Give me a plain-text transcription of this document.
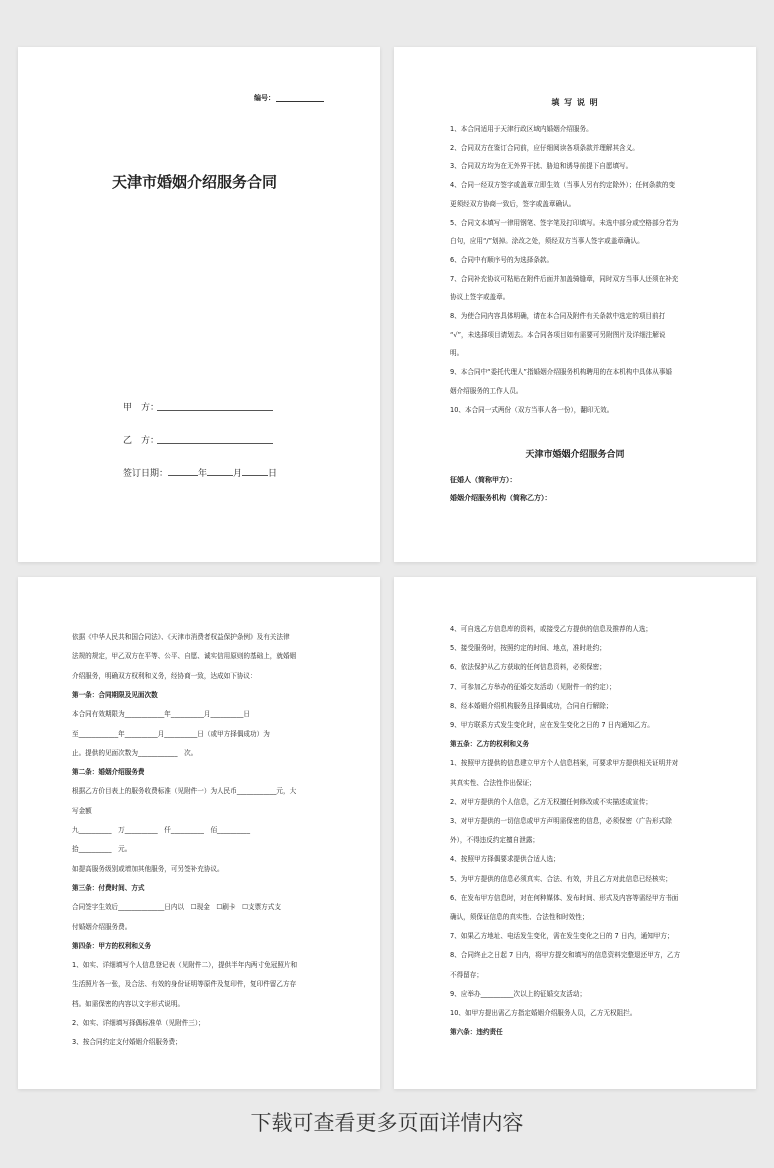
编号：
天津市婚姻介绍服务合同
甲　方：
乙　方：
签订日期：	年	月	日
填 写 说 明
1、本合同适用于天津行政区域内婚姻介绍服务。
2、合同双方在鉴订合同前，应仔细阅读各项条款并理解其含义。
3、合同双方均为在无外界干扰、胁迫和诱导前提下自愿填写。
4、合同一经双方签字或盖章立即生效（当事人另有约定除外）；任何条款的变
更须经双方协商一致后，签字或盖章确认。
5、合同文本填写一律用钢笔、签字笔及打印填写。未选中部分或空格部分若为
白句，应用“/”划掉。涂改之处，须经双方当事人签字或盖章确认。
6、合同中有顺序号的为选择条款。
7、合同补充协议可粘贴在附件后面并加盖骑缝章，同时双方当事人还须在补充
协议上签字或盖章。
8、为使合同内容具体明确，请在本合同及附件有关条款中选定的项目前打
“√”，未选择项目请划去。本合同各项目如有需要可另附图片及详细注解说
明。
9、本合同中“委托代理人”指婚姻介绍服务机构聘用的在本机构中具体从事婚
姻介绍服务的工作人员。
10、本合同一式两份（双方当事人各一份），翻印无效。
天津市婚姻介绍服务合同
征婚人（简称甲方）：
婚姻介绍服务机构（简称乙方）：
依据《中华人民共和国合同法》、《天津市消费者权益保护条例》及有关法律
法规的规定，甲乙双方在平等、公平、自愿、诚实信用原则的基础上，就婚姻
介绍服务，明确双方权利和义务，经协商一致，达成如下协议：
第一条：合同期限及见面次数
本合同有效期限为____________年__________月__________日
至____________年__________月__________日（或甲方择偶成功）为
止。提供的见面次数为____________　次。
第二条：婚姻介绍服务费
根据乙方价目表上的服务收费标准（见附件一）为人民币____________元，大
写金额
九__________　万__________　仟__________　佰__________
拾__________　元。
如提高服务级别或增加其他服务，可另签补充协议。
第三条：付费时间、方式
合同签字生效后______________日内以　☐现金　☐刷卡　☐支票方式支
付婚姻介绍服务费。
第四条：甲方的权利和义务
1、如实、详细填写个人信息登记表（见附件二），提供半年内两寸免冠照片和
生活照片各一张，及合法、有效的身份证明等原件及复印件，复印件留乙方存
档。如需保密的内容以文字形式说明。
2、如实、详细填写择偶标准单（见附件三）；
3、按合同约定支付婚姻介绍服务费；
4、可自选乙方信息库的资料，或接受乙方提供的信息及推荐的人选；
5、接受服务时，按照约定的时间、地点，准时赴约；
6、依法保护从乙方获取的任何信息资料，必须保密；
7、可参加乙方举办的征婚交友活动（见附件一的约定）；
8、经本婚姻介绍机构服务且择偶成功，合同自行解除；
9、甲方联系方式发生变化时，应在发生变化之日的 7 日内通知乙方。
第五条：乙方的权利和义务
1、按照甲方提供的信息建立甲方个人信息档案，可要求甲方提供相关证明并对
其真实性、合法性作出保证；
2、对甲方提供的个人信息，乙方无权擅任何修改或不实描述或宣传；
3、对甲方提供的一切信息或甲方声明需保密的信息，必须保密（广告形式除
外），不得违反约定擅自泄露；
4、按照甲方择偶要求提供合适人选；
5、为甲方提供的信息必须真实、合法、有效，并且乙方对此信息已经核实；
6、在发布甲方信息时，对在何种媒体、发布时间、形式及内容等需经甲方书面
确认，须保证信息的真实性、合法性和时效性；
7、如果乙方地址、电话发生变化，需在发生变化之日的 7 日内，通知甲方；
8、合同终止之日起 7 日内，将甲方提交和填写的信息资料完整退还甲方，乙方
不得留存；
9、应举办__________次以上的征婚交友活动；
10、如甲方提出需乙方指定婚姻介绍服务人员，乙方无权阻拦。
第六条：违约责任
下载可查看更多页面详情内容
